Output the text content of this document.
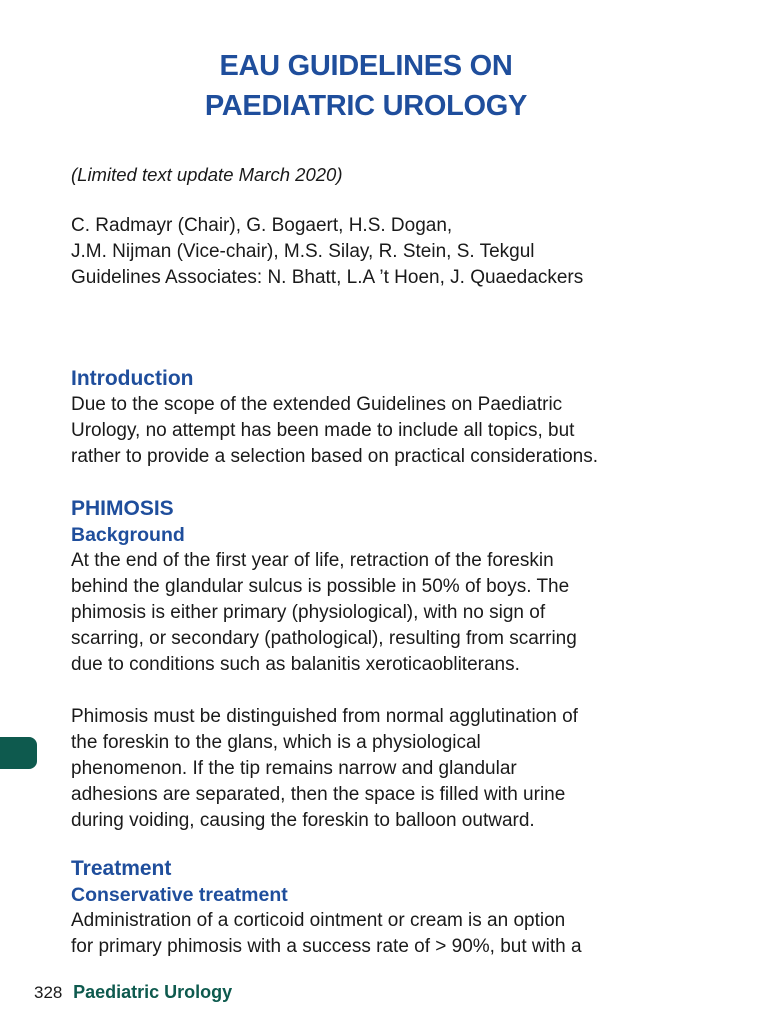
EAU GUIDELINES ON
PAEDIATRIC UROLOGY
(Limited text update March 2020)
C. Radmayr (Chair), G. Bogaert, H.S. Dogan,
J.M. Nijman (Vice-chair), M.S. Silay, R. Stein, S. Tekgul
Guidelines Associates: N. Bhatt, L.A ’t Hoen, J. Quaedackers
Introduction
Due to the scope of the extended Guidelines on Paediatric
Urology, no attempt has been made to include all topics, but
rather to provide a selection based on practical considerations.
PHIMOSIS
Background
At the end of the first year of life, retraction of the foreskin
behind the glandular sulcus is possible in 50% of boys. The
phimosis is either primary (physiological), with no sign of
scarring, or secondary (pathological), resulting from scarring
due to conditions such as balanitis xeroticaobliterans.
Phimosis must be distinguished from normal agglutination of
the foreskin to the glans, which is a physiological
phenomenon. If the tip remains narrow and glandular
adhesions are separated, then the space is filled with urine
during voiding, causing the foreskin to balloon outward.
Treatment
Conservative treatment
Administration of a corticoid ointment or cream is an option
for primary phimosis with a success rate of > 90%, but with a
328 Paediatric Urology
